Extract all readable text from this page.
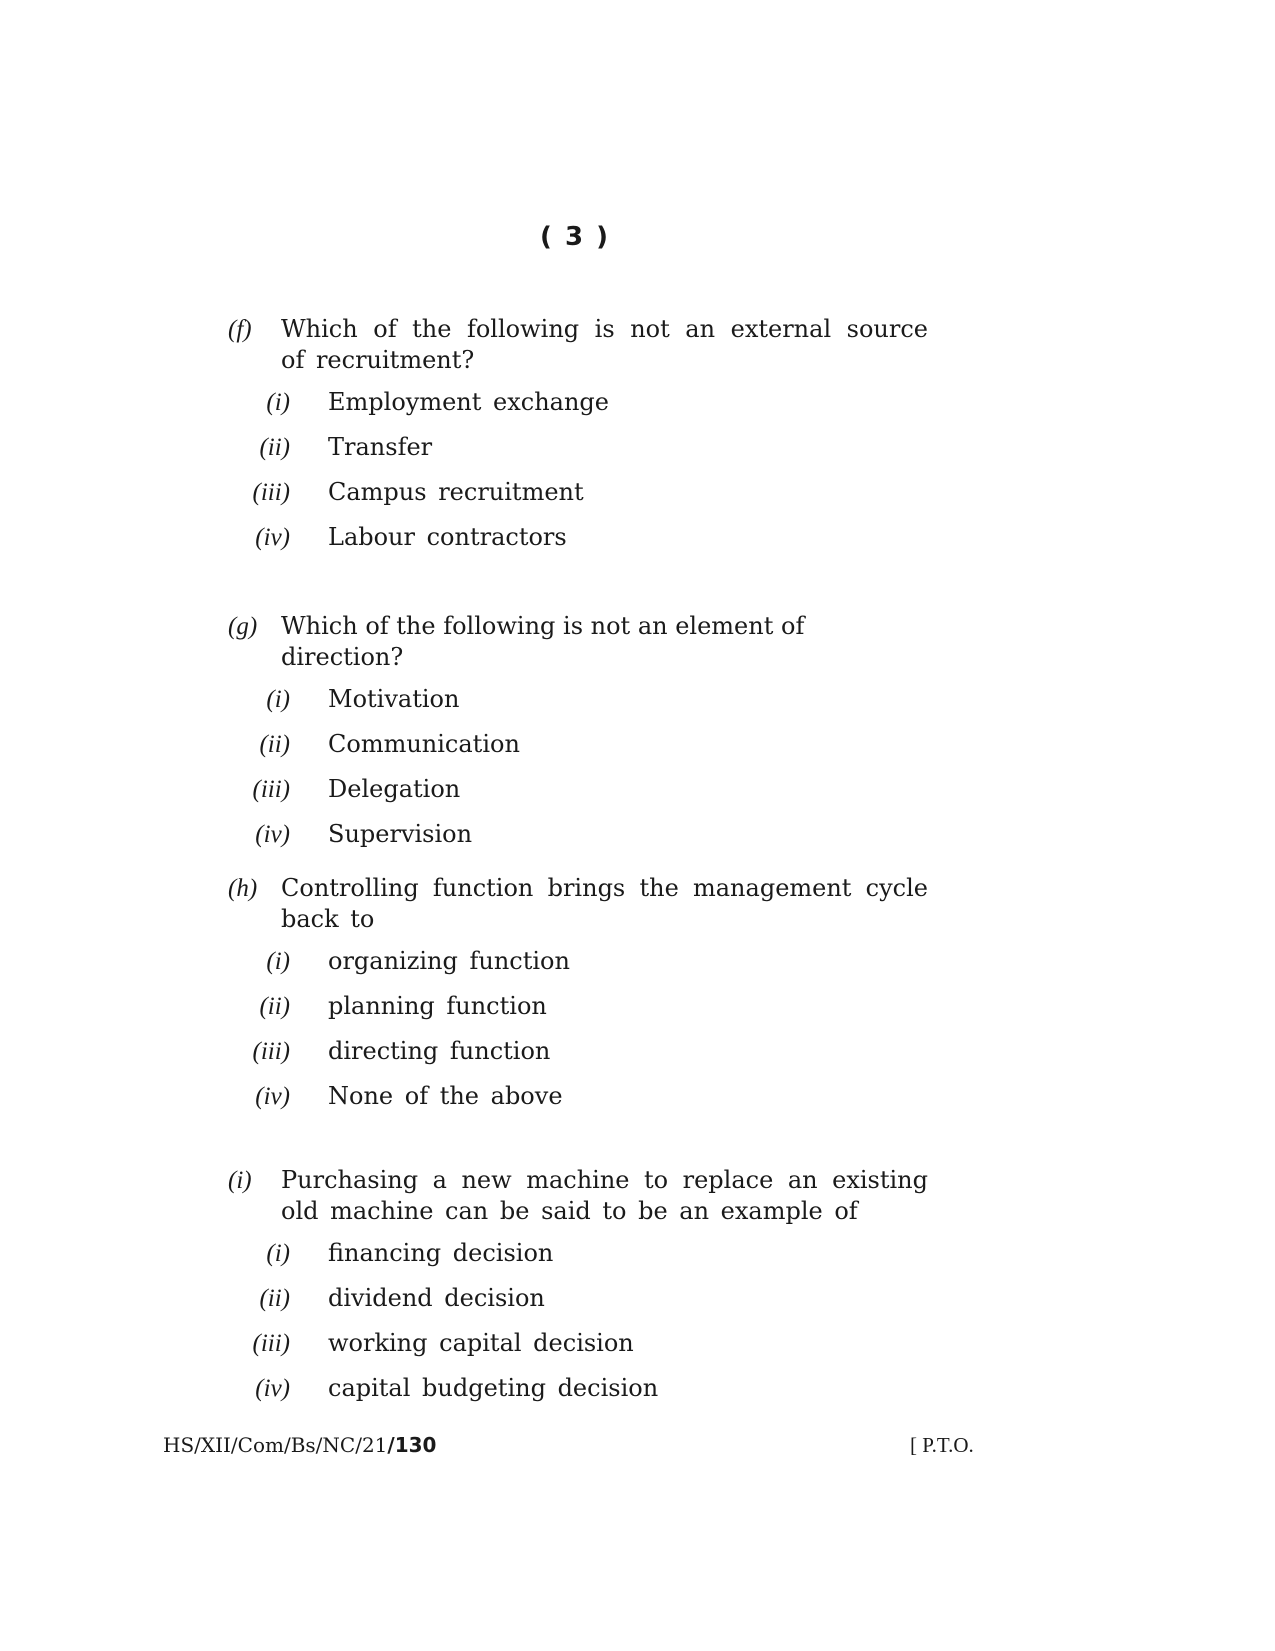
( 3 )
(f) Which of the following is not an external source of recruitment?
(i) Employment exchange
(ii) Transfer
(iii) Campus recruitment
(iv) Labour contractors
(g) Which of the following is not an element of direction?
(i) Motivation
(ii) Communication
(iii) Delegation
(iv) Supervision
(h) Controlling function brings the management cycle back to
(i) organizing function
(ii) planning function
(iii) directing function
(iv) None of the above
(i) Purchasing a new machine to replace an existing old machine can be said to be an example of
(i) financing decision
(ii) dividend decision
(iii) working capital decision
(iv) capital budgeting decision
HS/XII/Com/Bs/NC/21/130	[ P.T.O.
